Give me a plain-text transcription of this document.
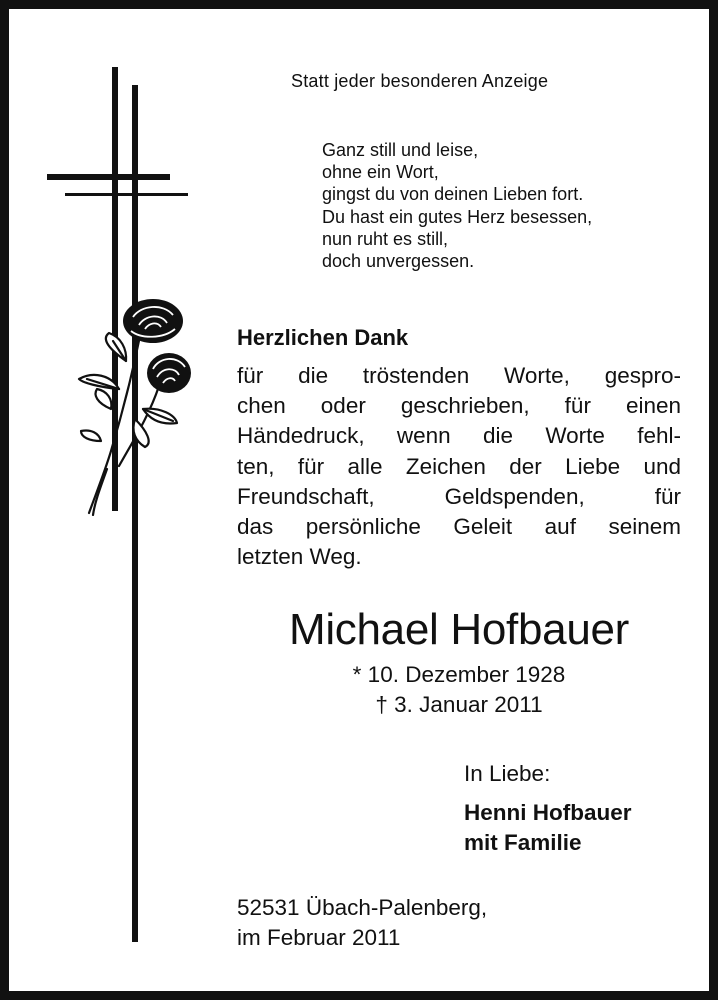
Statt jeder besonderen Anzeige
Ganz still und leise,
ohne ein Wort,
gingst du von deinen Lieben fort.
Du hast ein gutes Herz besessen,
nun ruht es still,
doch unvergessen.
Herzlichen Dank
für die tröstenden Worte, gespro-
chen oder geschrieben, für einen
Händedruck, wenn die Worte fehl-
ten, für alle Zeichen der Liebe und
Freundschaft, Geldspenden, für
das persönliche Geleit auf seinem
letzten Weg.
Michael Hofbauer
* 10. Dezember 1928
† 3. Januar 2011
In Liebe:
Henni Hofbauer
mit Familie
52531 Übach-Palenberg,
im Februar 2011
